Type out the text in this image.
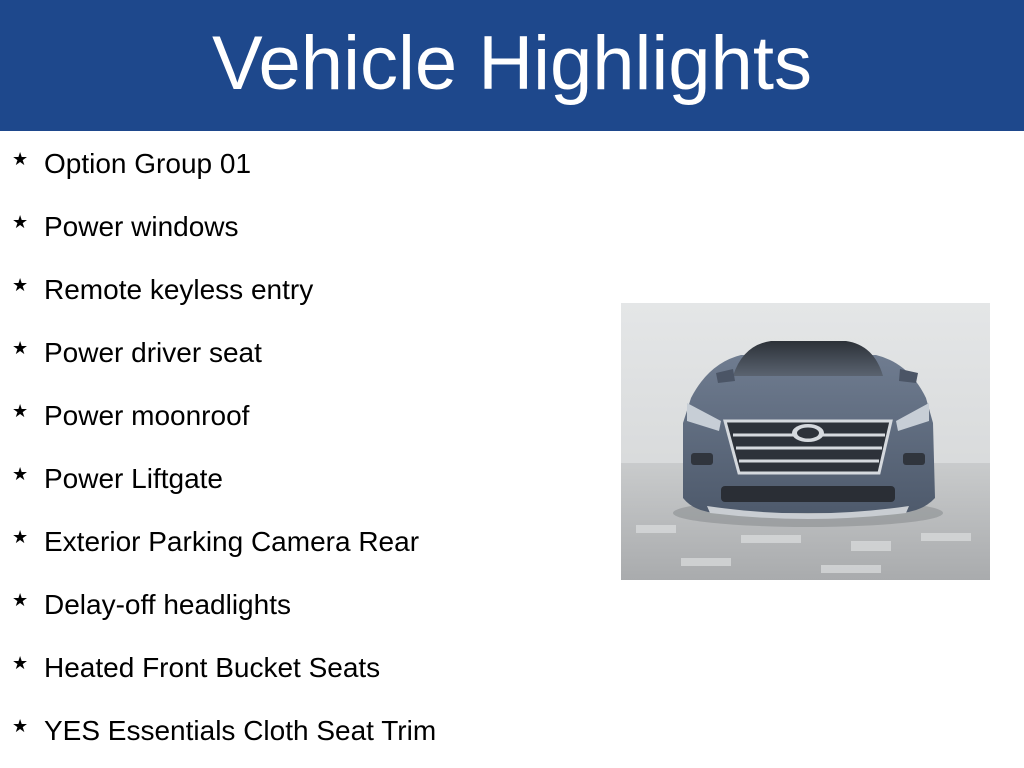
Vehicle Highlights
★ Option Group 01
★ Power windows
★ Remote keyless entry
★ Power driver seat
★ Power moonroof
★ Power Liftgate
★ Exterior Parking Camera Rear
★ Delay-off headlights
★ Heated Front Bucket Seats
★ YES Essentials Cloth Seat Trim
